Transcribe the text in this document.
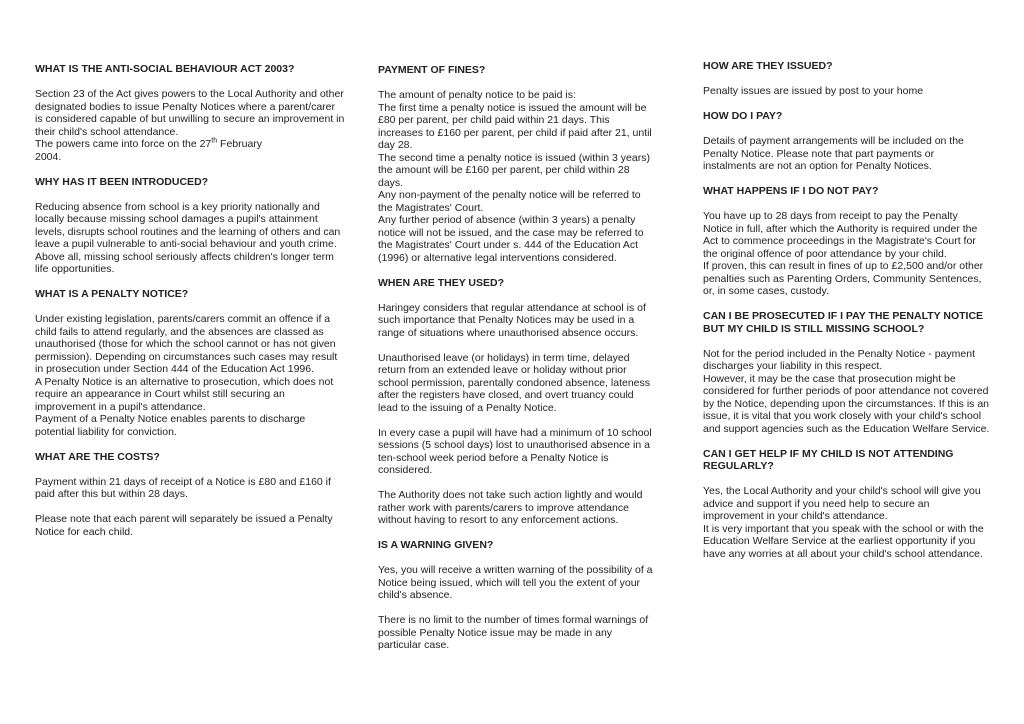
WHAT IS THE ANTI-SOCIAL BEHAVIOUR ACT 2003?
Section 23 of the Act gives powers to the Local Authority and other designated bodies to issue Penalty Notices where a parent/carer is considered capable of but unwilling to secure an improvement in their child's school attendance.
The powers came into force on the 27th February
2004.
WHY HAS IT BEEN INTRODUCED?
Reducing absence from school is a key priority nationally and locally because missing school damages a pupil's attainment levels, disrupts school routines and the learning of others and can leave a pupil vulnerable to anti-social behaviour and youth crime.
Above all, missing school seriously affects children's longer term life opportunities.
WHAT IS A PENALTY NOTICE?
Under existing legislation, parents/carers commit an offence if a child fails to attend regularly, and the absences are classed as unauthorised (those for which the school cannot or has not given permission). Depending on circumstances such cases may result in prosecution under Section 444 of the Education Act 1996.
A Penalty Notice is an alternative to prosecution, which does not require an appearance in Court whilst still securing an improvement in a pupil's attendance.
Payment of a Penalty Notice enables parents to discharge potential liability for conviction.
WHAT ARE THE COSTS?
Payment within 21 days of receipt of a Notice is £80 and £160 if paid after this but within 28 days.
Please note that each parent will separately be issued a Penalty Notice for each child.
PAYMENT OF FINES?
The amount of penalty notice to be paid is:
The first time a penalty notice is issued the amount will be £80 per parent, per child paid within 21 days. This increases to £160 per parent, per child if paid after 21, until day 28.
The second time a penalty notice is issued (within 3 years) the amount will be £160 per parent, per child within 28 days.
Any non-payment of the penalty notice will be referred to the Magistrates' Court.
Any further period of absence (within 3 years) a penalty notice will not be issued, and the case may be referred to the Magistrates' Court under s. 444 of the Education Act (1996) or alternative legal interventions considered.
WHEN ARE THEY USED?
Haringey considers that regular attendance at school is of such importance that Penalty Notices may be used in a range of situations where unauthorised absence occurs.
Unauthorised leave (or holidays) in term time, delayed return from an extended leave or holiday without prior school permission, parentally condoned absence, lateness after the registers have closed, and overt truancy could lead to the issuing of a Penalty Notice.
In every case a pupil will have had a minimum of 10 school sessions (5 school days) lost to unauthorised absence in a ten-school week period before a Penalty Notice is considered.
The Authority does not take such action lightly and would rather work with parents/carers to improve attendance without having to resort to any enforcement actions.
IS A WARNING GIVEN?
Yes, you will receive a written warning of the possibility of a Notice being issued, which will tell you the extent of your child's absence.
There is no limit to the number of times formal warnings of possible Penalty Notice issue may be made in any particular case.
HOW ARE THEY ISSUED?
Penalty issues are issued by post to your home
HOW DO I PAY?
Details of payment arrangements will be included on the Penalty Notice. Please note that part payments or instalments are not an option for Penalty Notices.
WHAT HAPPENS IF I DO NOT PAY?
You have up to 28 days from receipt to pay the Penalty Notice in full, after which the Authority is required under the Act to commence proceedings in the Magistrate's Court for the original offence of poor attendance by your child.
If proven, this can result in fines of up to £2,500 and/or other penalties such as Parenting Orders, Community Sentences, or, in some cases, custody.
CAN I BE PROSECUTED IF I PAY THE PENALTY NOTICE BUT MY CHILD IS STILL MISSING SCHOOL?
Not for the period included in the Penalty Notice - payment discharges your liability in this respect.
However, it may be the case that prosecution might be considered for further periods of poor attendance not covered by the Notice, depending upon the circumstances. If this is an issue, it is vital that you work closely with your child's school and support agencies such as the Education Welfare Service.
CAN I GET HELP IF MY CHILD IS NOT ATTENDING REGULARLY?
Yes, the Local Authority and your child's school will give you advice and support if you need help to secure an improvement in your child's attendance.
It is very important that you speak with the school or with the Education Welfare Service at the earliest opportunity if you have any worries at all about your child's school attendance.
